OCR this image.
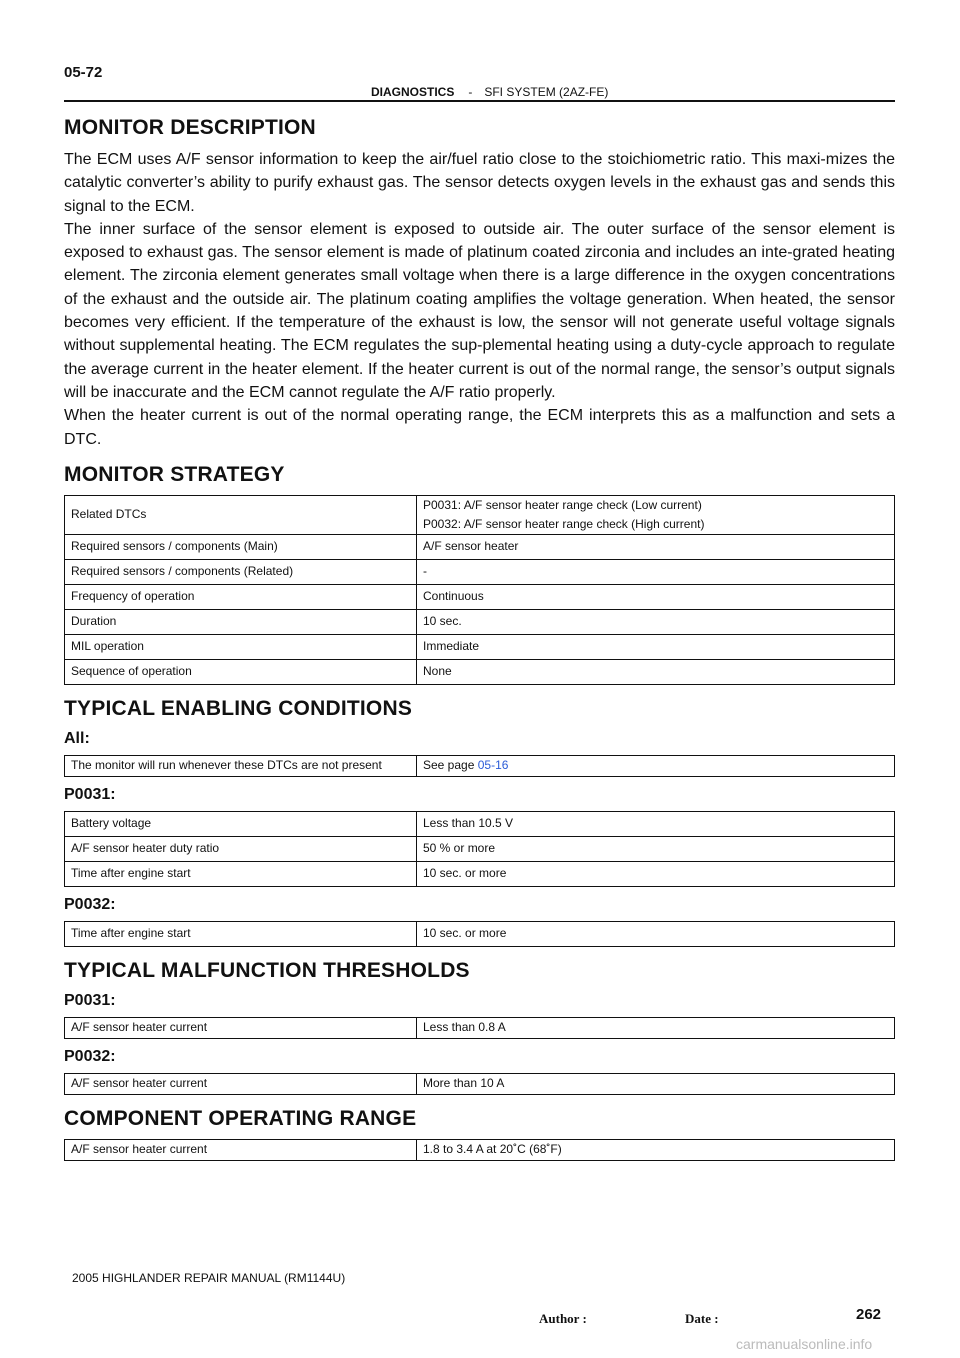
05-72
DIAGNOSTICS - SFI SYSTEM (2AZ-FE)
MONITOR DESCRIPTION

The ECM uses A/F sensor information to keep the air/fuel ratio close to the stoichiometric ratio. This maxi-mizes the catalytic converter’s ability to purify exhaust gas. The sensor detects oxygen levels in the exhaust gas and sends this signal to the ECM.

The inner surface of the sensor element is exposed to outside air. The outer surface of the sensor element is exposed to exhaust gas. The sensor element is made of platinum coated zirconia and includes an inte-grated heating element. The zirconia element generates small voltage when there is a large difference in the oxygen concentrations of the exhaust and the outside air. The platinum coating amplifies the voltage generation. When heated, the sensor becomes very efficient. If the temperature of the exhaust is low, the sensor will not generate useful voltage signals without supplemental heating. The ECM regulates the sup-plemental heating using a duty-cycle approach to regulate the average current in the heater element. If the heater current is out of the normal range, the sensor’s output signals will be inaccurate and the ECM cannot regulate the A/F ratio properly.

When the heater current is out of the normal operating range, the ECM interprets this as a malfunction and sets a DTC.

MONITOR STRATEGY
Related DTCs	P0031: A/F sensor heater range check (Low current)
P0032: A/F sensor heater range check (High current)

Required sensors / components (Main)	A/F sensor heater
Required sensors / components (Related)	-
Frequency of operation	Continuous
Duration	10 sec.
MIL operation	Immediate
Sequence of operation	None
TYPICAL ENABLING CONDITIONS
All:
The monitor will run whenever these DTCs are not present	See page 05-16
P0031:
Battery voltage	Less than 10.5 V
A/F sensor heater duty ratio	50 % or more
Time after engine start	10 sec. or more
P0032:
Time after engine start	10 sec. or more
TYPICAL MALFUNCTION THRESHOLDS
P0031:
A/F sensor heater current	Less than 0.8 A
P0032:
A/F sensor heater current	More than 10 A
COMPONENT OPERATING RANGE
A/F sensor heater current	1.8 to 3.4 A at 20˚C (68˚F)
2005 HIGHLANDER REPAIR MANUAL (RM1144U)
Author :	Date :	262
carmanualsonline.info
